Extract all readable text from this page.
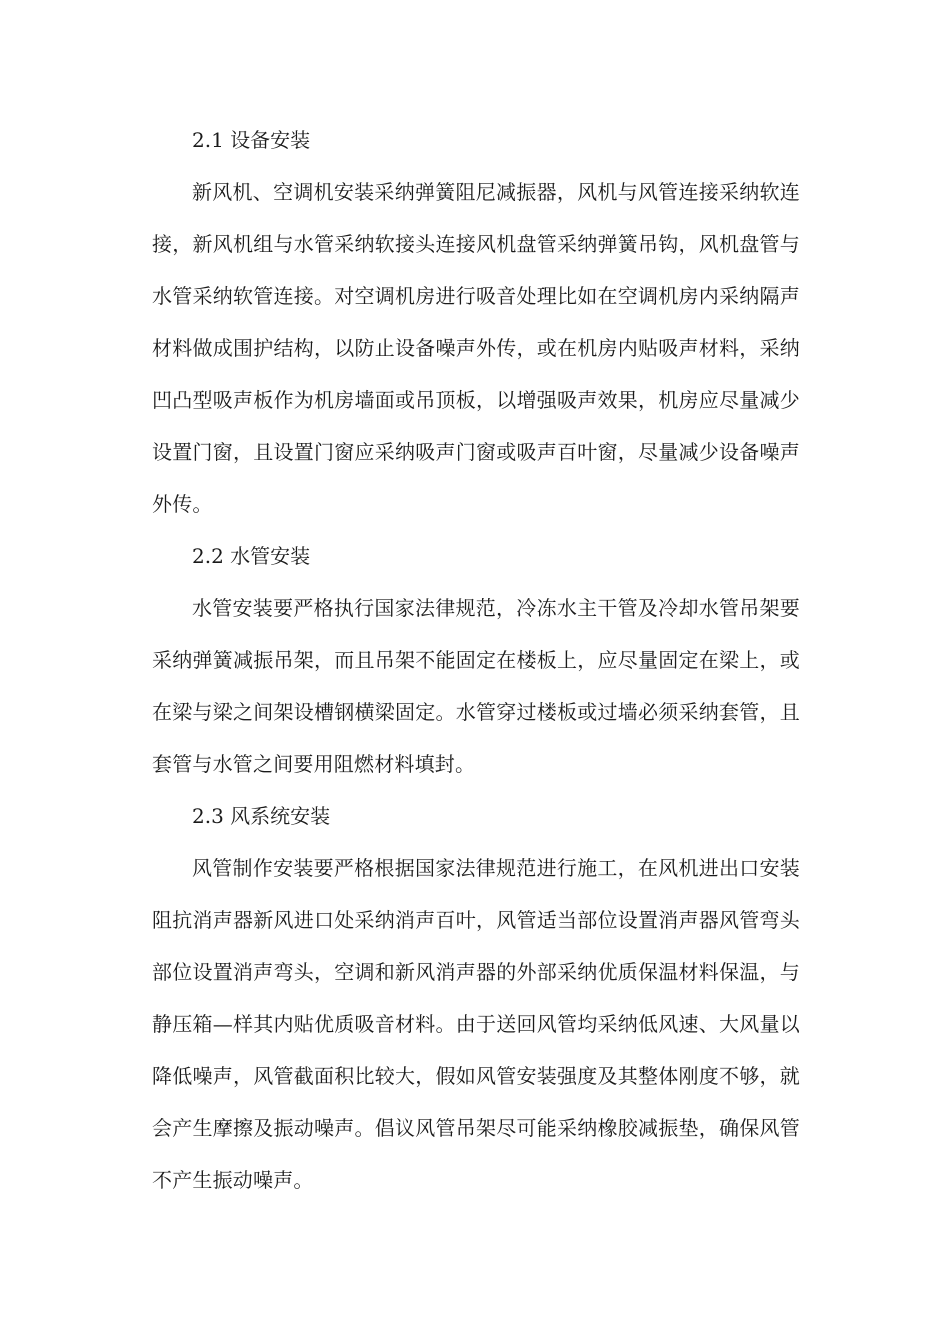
2.1 设备安装

新风机、空调机安装采纳弹簧阻尼减振器，风机与风管连接采纳软连接，新风机组与水管采纳软接头连接风机盘管采纳弹簧吊钩，风机盘管与水管采纳软管连接。对空调机房进行吸音处理比如在空调机房内采纳隔声材料做成围护结构，以防止设备噪声外传，或在机房内贴吸声材料，采纳凹凸型吸声板作为机房墙面或吊顶板，以增强吸声效果，机房应尽量减少设置门窗，且设置门窗应采纳吸声门窗或吸声百叶窗，尽量减少设备噪声外传。

2.2 水管安装

水管安装要严格执行国家法律规范，冷冻水主干管及冷却水管吊架要采纳弹簧减振吊架，而且吊架不能固定在楼板上，应尽量固定在梁上，或在梁与梁之间架设槽钢横梁固定。水管穿过楼板或过墙必须采纳套管，且套管与水管之间要用阻燃材料填封。

2.3 风系统安装

风管制作安装要严格根据国家法律规范进行施工，在风机进出口安装阻抗消声器新风进口处采纳消声百叶，风管适当部位设置消声器风管弯头部位设置消声弯头，空调和新风消声器的外部采纳优质保温材料保温，与静压箱—样其内贴优质吸音材料。由于送回风管均采纳低风速、大风量以降低噪声，风管截面积比较大，假如风管安装强度及其整体刚度不够，就会产生摩擦及振动噪声。倡议风管吊架尽可能采纳橡胶减振垫，确保风管不产生振动噪声。
